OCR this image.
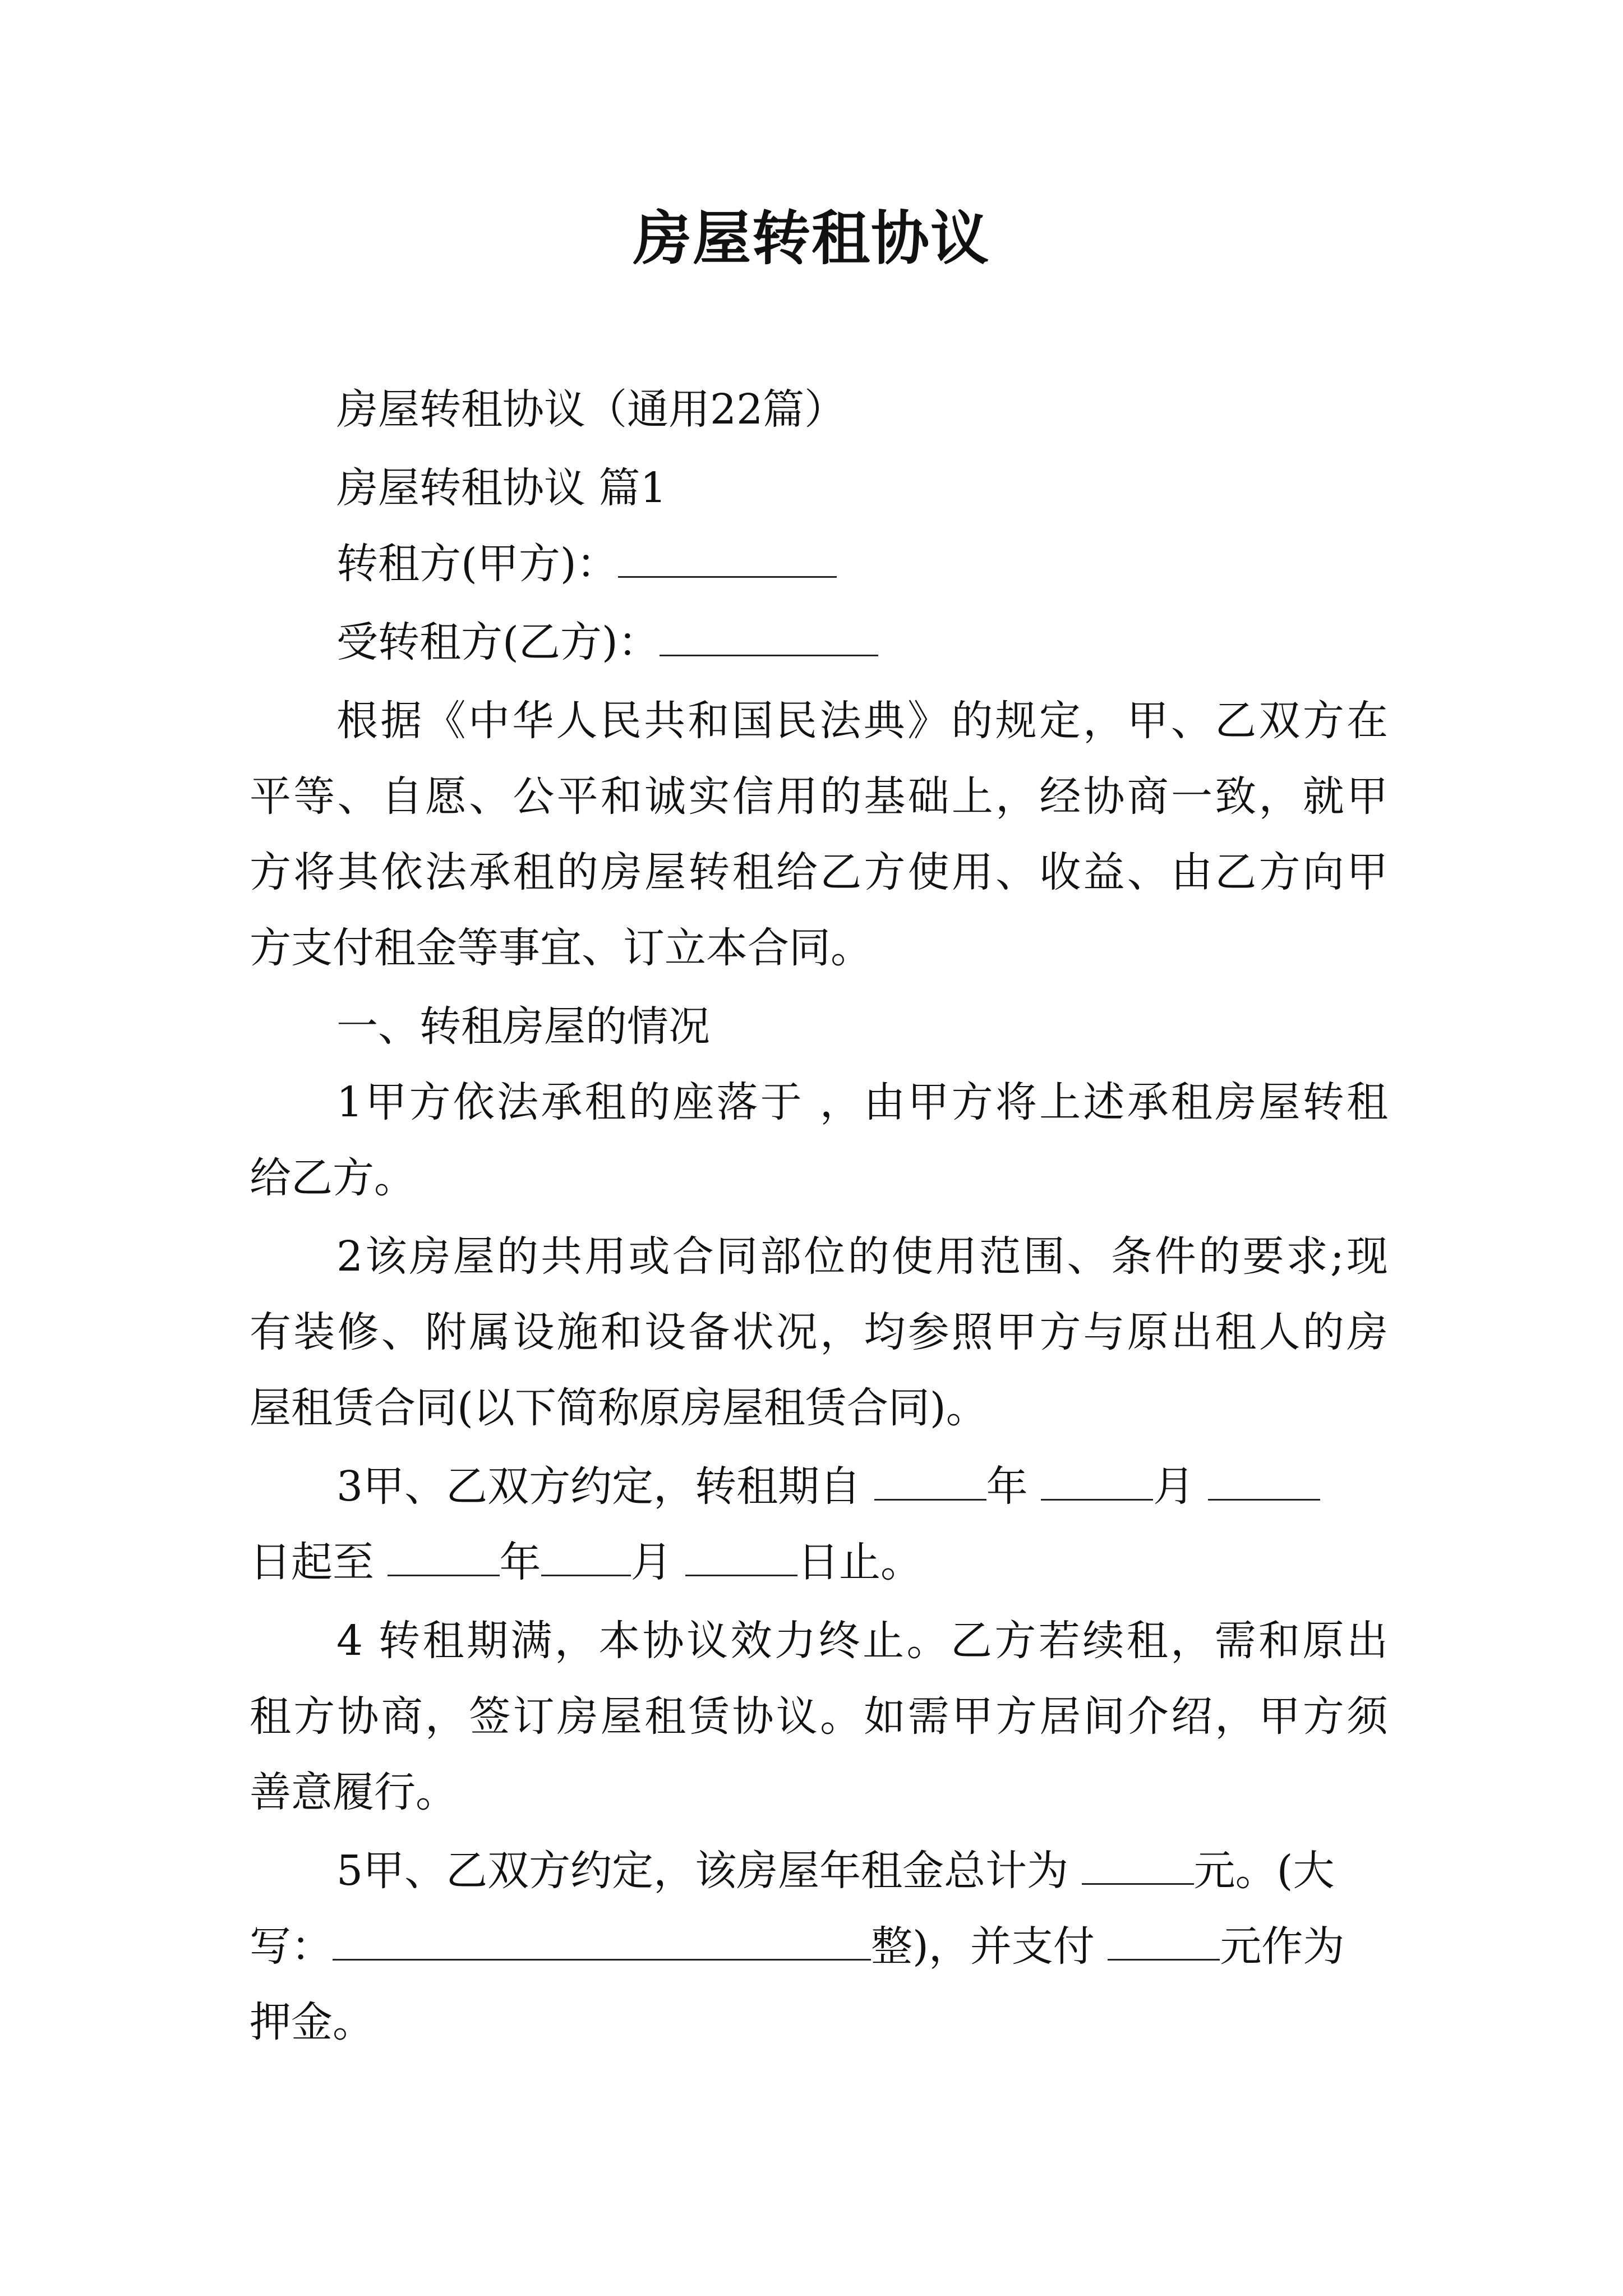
房屋转租协议

房屋转租协议（通用22篇）

房屋转租协议 篇1

转租方(甲方)：

受转租方(乙方)：

根据《中华人民共和国民法典》的规定，甲、乙双方在

平等、自愿、公平和诚实信用的基础上，经协商一致，就甲

方将其依法承租的房屋转租给乙方使用、收益、由乙方向甲

方支付租金等事宜、订立本合同。

一、转租房屋的情况

1甲方依法承租的座落于 ，由甲方将上述承租房屋转租

给乙方。

2该房屋的共用或合同部位的使用范围、条件的要求;现

有装修、附属设施和设备状况，均参照甲方与原出租人的房

屋租赁合同(以下简称原房屋租赁合同)。

3甲、乙双方约定，转租期自	年	月

日起至	年 月	日止。

4 转租期满，本协议效力终止。乙方若续租，需和原出

租方协商，签订房屋租赁协议。如需甲方居间介绍，甲方须

善意履行。

5甲、乙双方约定，该房屋年租金总计为	元。(大

写：	整)，并支付	元作为

押金。
